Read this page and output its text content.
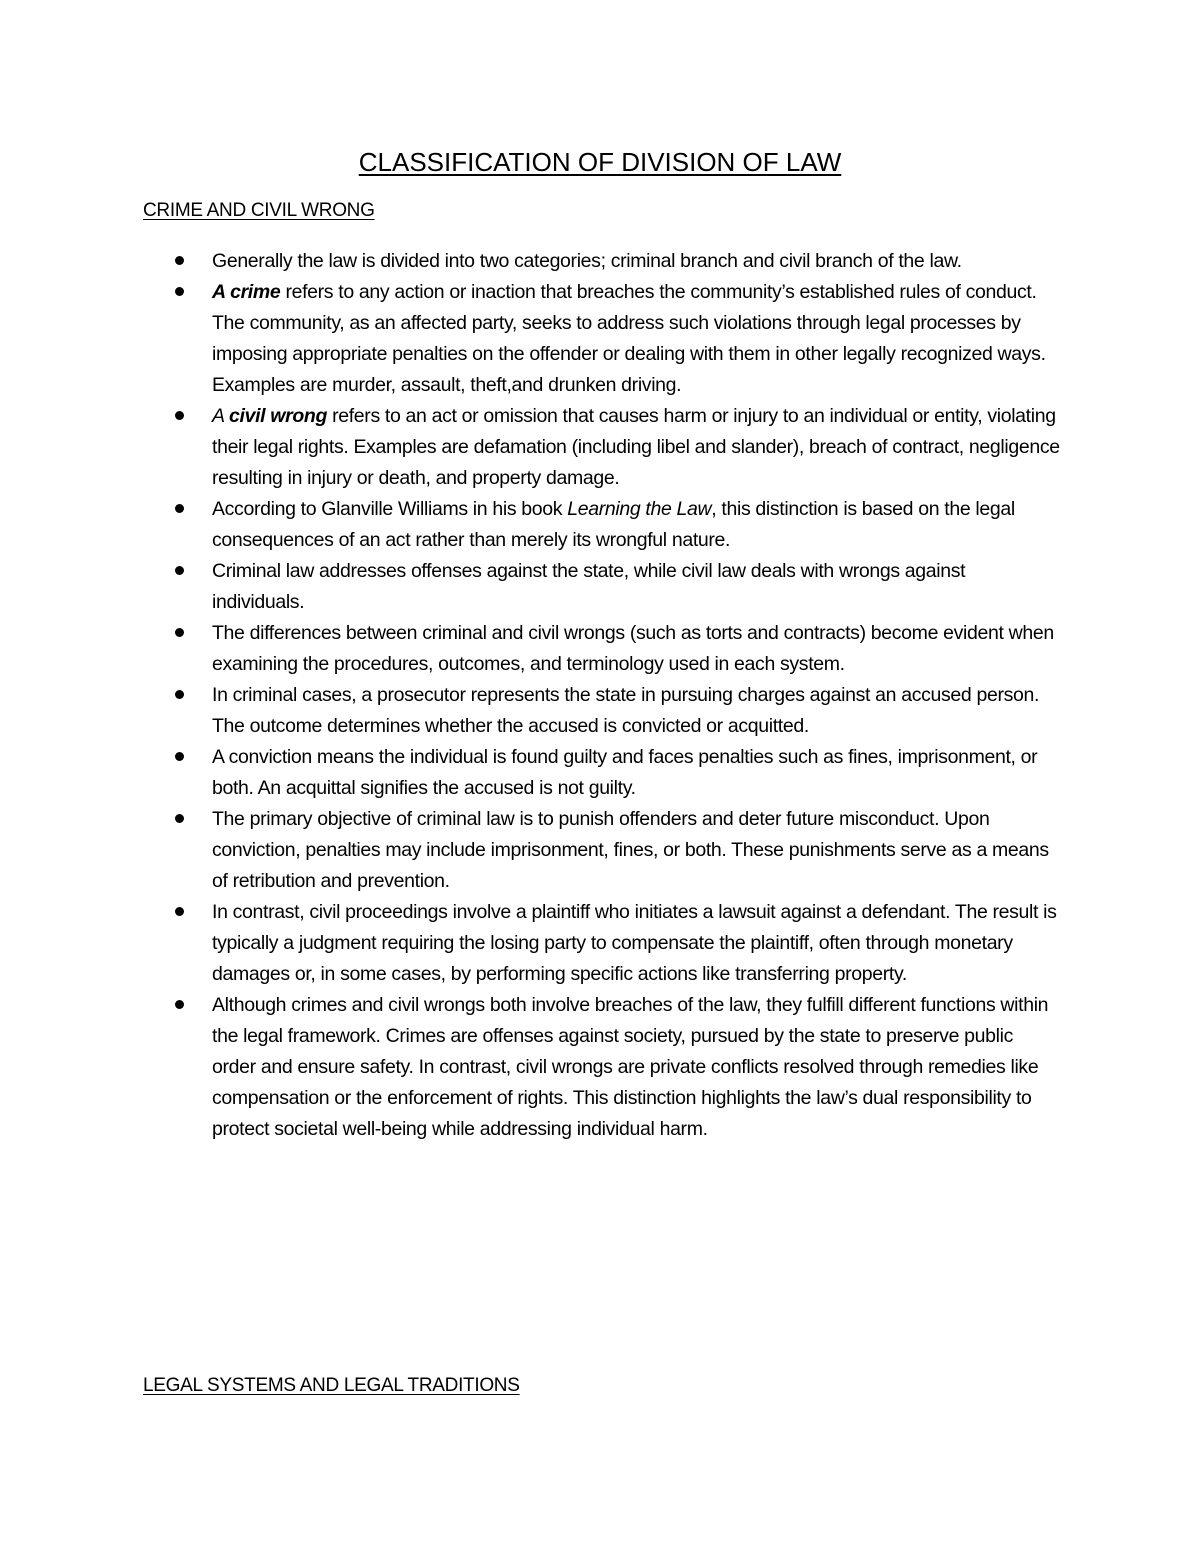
CLASSIFICATION OF DIVISION OF LAW
CRIME AND CIVIL WRONG
Generally the law is divided into two categories; criminal branch and civil branch of the law.
A crime refers to any action or inaction that breaches the community’s established rules of conduct. The community, as an affected party, seeks to address such violations through legal processes by imposing appropriate penalties on the offender or dealing with them in other legally recognized ways. Examples are murder, assault, theft,and drunken driving.
A civil wrong refers to an act or omission that causes harm or injury to an individual or entity, violating their legal rights. Examples are defamation (including libel and slander), breach of contract, negligence resulting in injury or death, and property damage.
According to Glanville Williams in his book Learning the Law, this distinction is based on the legal consequences of an act rather than merely its wrongful nature.
Criminal law addresses offenses against the state, while civil law deals with wrongs against individuals.
The differences between criminal and civil wrongs (such as torts and contracts) become evident when examining the procedures, outcomes, and terminology used in each system.
In criminal cases, a prosecutor represents the state in pursuing charges against an accused person. The outcome determines whether the accused is convicted or acquitted.
A conviction means the individual is found guilty and faces penalties such as fines, imprisonment, or both. An acquittal signifies the accused is not guilty.
The primary objective of criminal law is to punish offenders and deter future misconduct. Upon conviction, penalties may include imprisonment, fines, or both. These punishments serve as a means of retribution and prevention.
In contrast, civil proceedings involve a plaintiff who initiates a lawsuit against a defendant. The result is typically a judgment requiring the losing party to compensate the plaintiff, often through monetary damages or, in some cases, by performing specific actions like transferring property.
Although crimes and civil wrongs both involve breaches of the law, they fulfill different functions within the legal framework. Crimes are offenses against society, pursued by the state to preserve public order and ensure safety. In contrast, civil wrongs are private conflicts resolved through remedies like compensation or the enforcement of rights. This distinction highlights the law’s dual responsibility to protect societal well-being while addressing individual harm.
LEGAL SYSTEMS AND LEGAL TRADITIONS
